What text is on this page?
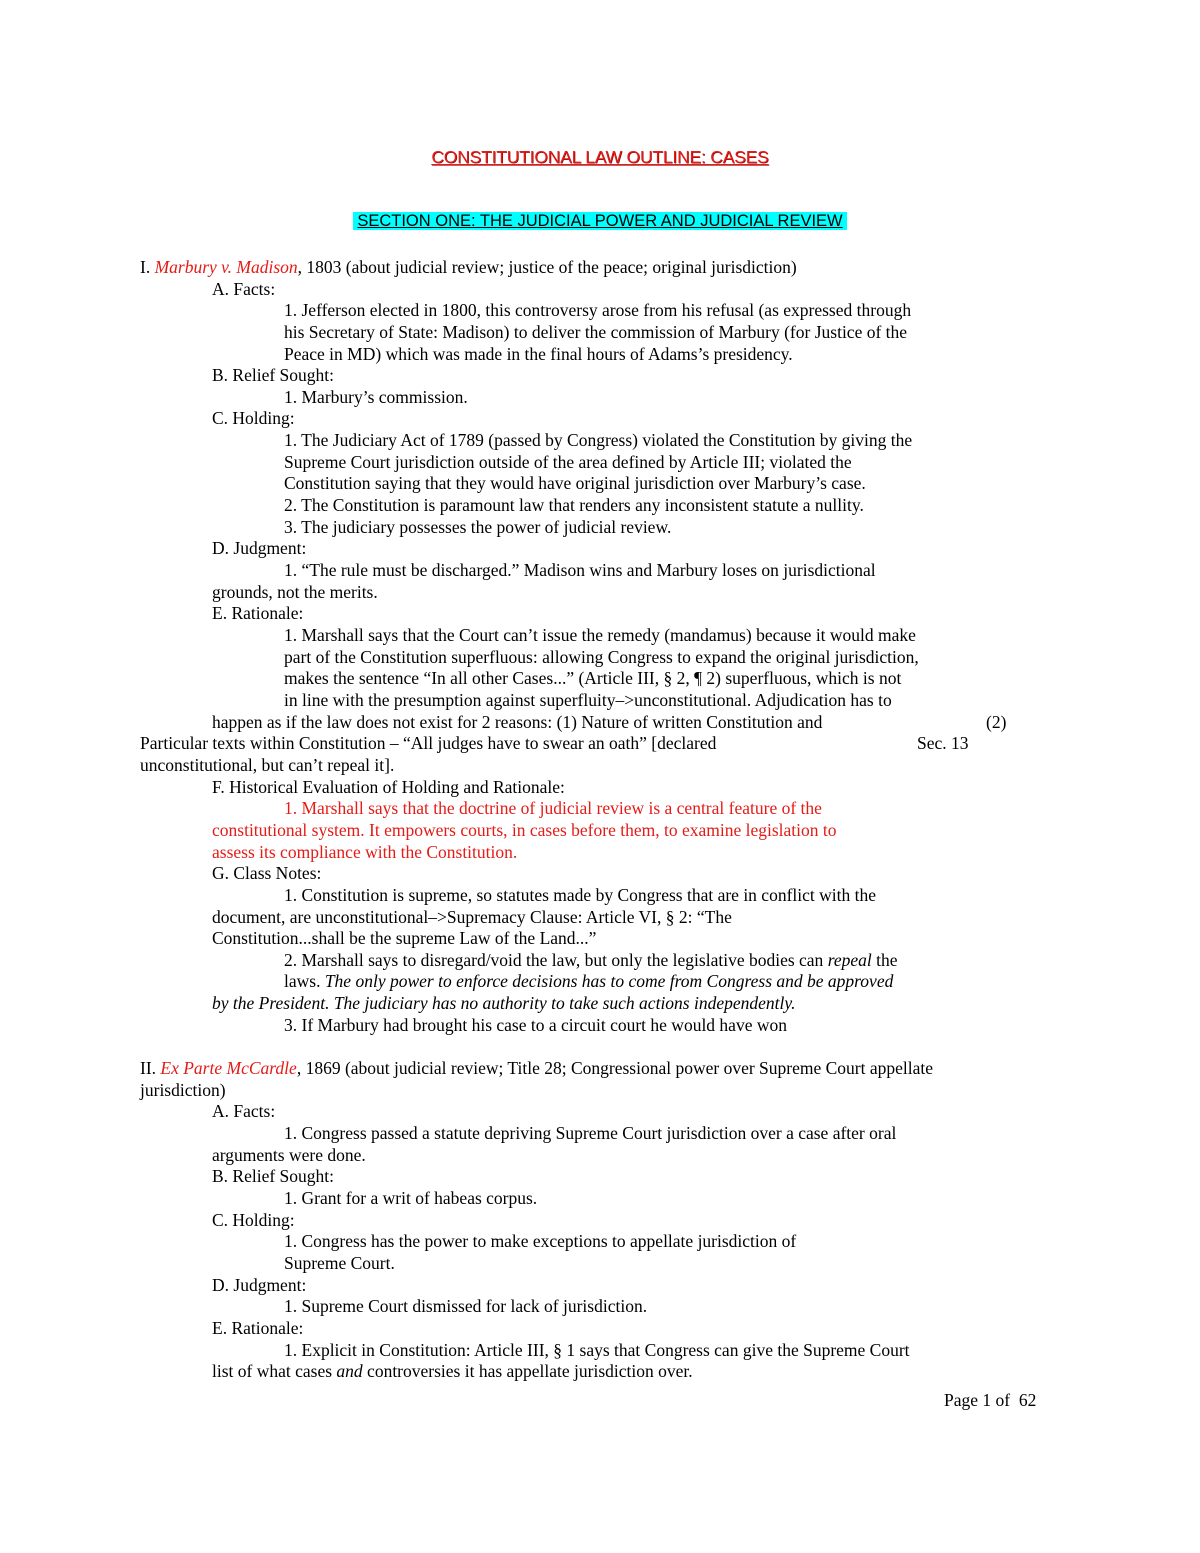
CONSTITUTIONAL LAW OUTLINE: CASES
SECTION ONE: THE JUDICIAL POWER AND JUDICIAL REVIEW
I. Marbury v. Madison, 1803 (about judicial review; justice of the peace; original jurisdiction)
A. Facts:
1. Jefferson elected in 1800, this controversy arose from his refusal (as expressed through
his Secretary of State: Madison) to deliver the commission of Marbury (for Justice of the
Peace in MD) which was made in the final hours of Adams’s presidency.
B. Relief Sought:
1. Marbury’s commission.
C. Holding:
1. The Judiciary Act of 1789 (passed by Congress) violated the Constitution by giving the
Supreme Court jurisdiction outside of the area defined by Article III; violated the
Constitution saying that they would have original jurisdiction over Marbury’s case.
2. The Constitution is paramount law that renders any inconsistent statute a nullity.
3. The judiciary possesses the power of judicial review.
D. Judgment:
1. “The rule must be discharged.” Madison wins and Marbury loses on jurisdictional
grounds, not the merits.
E. Rationale:
1. Marshall says that the Court can’t issue the remedy (mandamus) because it would make
part of the Constitution superfluous: allowing Congress to expand the original jurisdiction,
makes the sentence “In all other Cases...” (Article III, § 2, ¶ 2) superfluous, which is not
in line with the presumption against superfluity–>unconstitutional. Adjudication has to
happen as if the law does not exist for 2 reasons: (1) Nature of written Constitution and	(2)
Particular texts within Constitution – “All judges have to swear an oath” [declared	Sec. 13
unconstitutional, but can’t repeal it].
F. Historical Evaluation of Holding and Rationale:
1. Marshall says that the doctrine of judicial review is a central feature of the
constitutional system. It empowers courts, in cases before them, to examine legislation to
assess its compliance with the Constitution.
G. Class Notes:
1. Constitution is supreme, so statutes made by Congress that are in conflict with the
document, are unconstitutional–>Supremacy Clause: Article VI, § 2: “The
Constitution...shall be the supreme Law of the Land...”
2. Marshall says to disregard/void the law, but only the legislative bodies can repeal the
laws. The only power to enforce decisions has to come from Congress and be approved
by the President. The judiciary has no authority to take such actions independently.
3. If Marbury had brought his case to a circuit court he would have won
II. Ex Parte McCardle, 1869 (about judicial review; Title 28; Congressional power over Supreme Court appellate
jurisdiction)
A. Facts:
1. Congress passed a statute depriving Supreme Court jurisdiction over a case after oral
arguments were done.
B. Relief Sought:
1. Grant for a writ of habeas corpus.
C. Holding:
1. Congress has the power to make exceptions to appellate jurisdiction of
Supreme Court.
D. Judgment:
1. Supreme Court dismissed for lack of jurisdiction.
E. Rationale:
1. Explicit in Constitution: Article III, § 1 says that Congress can give the Supreme Court
list of what cases and controversies it has appellate jurisdiction over.
Page 1 of  62
